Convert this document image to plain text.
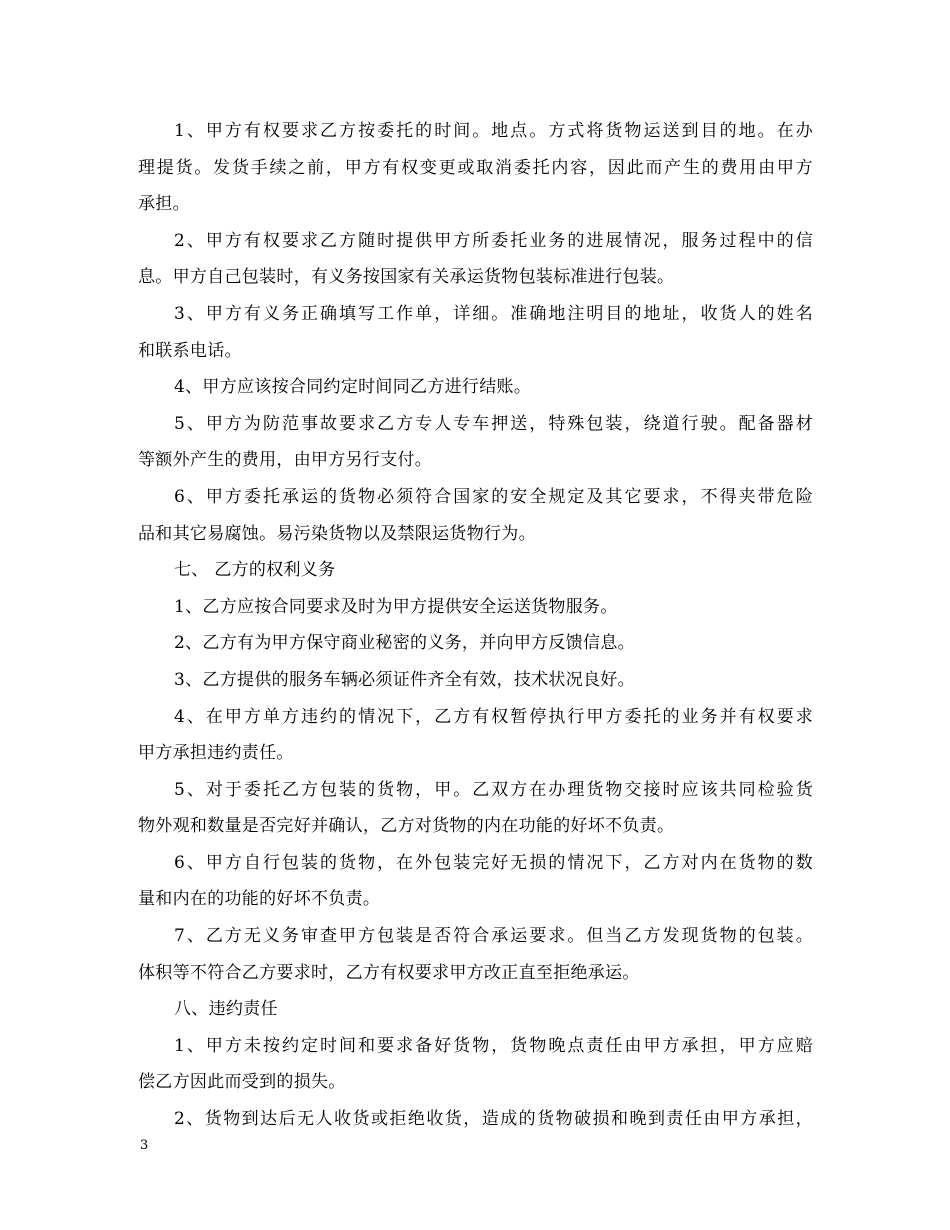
1、甲方有权要求乙方按委托的时间。地点。方式将货物运送到目的地。在办
理提货。发货手续之前，甲方有权变更或取消委托内容，因此而产生的费用由甲方
承担。
2、甲方有权要求乙方随时提供甲方所委托业务的进展情况，服务过程中的信
息。甲方自己包装时，有义务按国家有关承运货物包装标准进行包装。
3、甲方有义务正确填写工作单，详细。准确地注明目的地址，收货人的姓名
和联系电话。
4、甲方应该按合同约定时间同乙方进行结账。
5、甲方为防范事故要求乙方专人专车押送，特殊包装，绕道行驶。配备器材
等额外产生的费用，由甲方另行支付。
6、甲方委托承运的货物必须符合国家的安全规定及其它要求，不得夹带危险
品和其它易腐蚀。易污染货物以及禁限运货物行为。
七、 乙方的权利义务
1、乙方应按合同要求及时为甲方提供安全运送货物服务。
2、乙方有为甲方保守商业秘密的义务，并向甲方反馈信息。
3、乙方提供的服务车辆必须证件齐全有效，技术状况良好。
4、在甲方单方违约的情况下，乙方有权暂停执行甲方委托的业务并有权要求
甲方承担违约责任。
5、对于委托乙方包装的货物，甲。乙双方在办理货物交接时应该共同检验货
物外观和数量是否完好并确认，乙方对货物的内在功能的好坏不负责。
6、甲方自行包装的货物，在外包装完好无损的情况下，乙方对内在货物的数
量和内在的功能的好坏不负责。
7、乙方无义务审查甲方包装是否符合承运要求。但当乙方发现货物的包装。
体积等不符合乙方要求时，乙方有权要求甲方改正直至拒绝承运。
八、违约责任
1、甲方未按约定时间和要求备好货物，货物晚点责任由甲方承担，甲方应赔
偿乙方因此而受到的损失。
2、货物到达后无人收货或拒绝收货，造成的货物破损和晚到责任由甲方承担，
3
